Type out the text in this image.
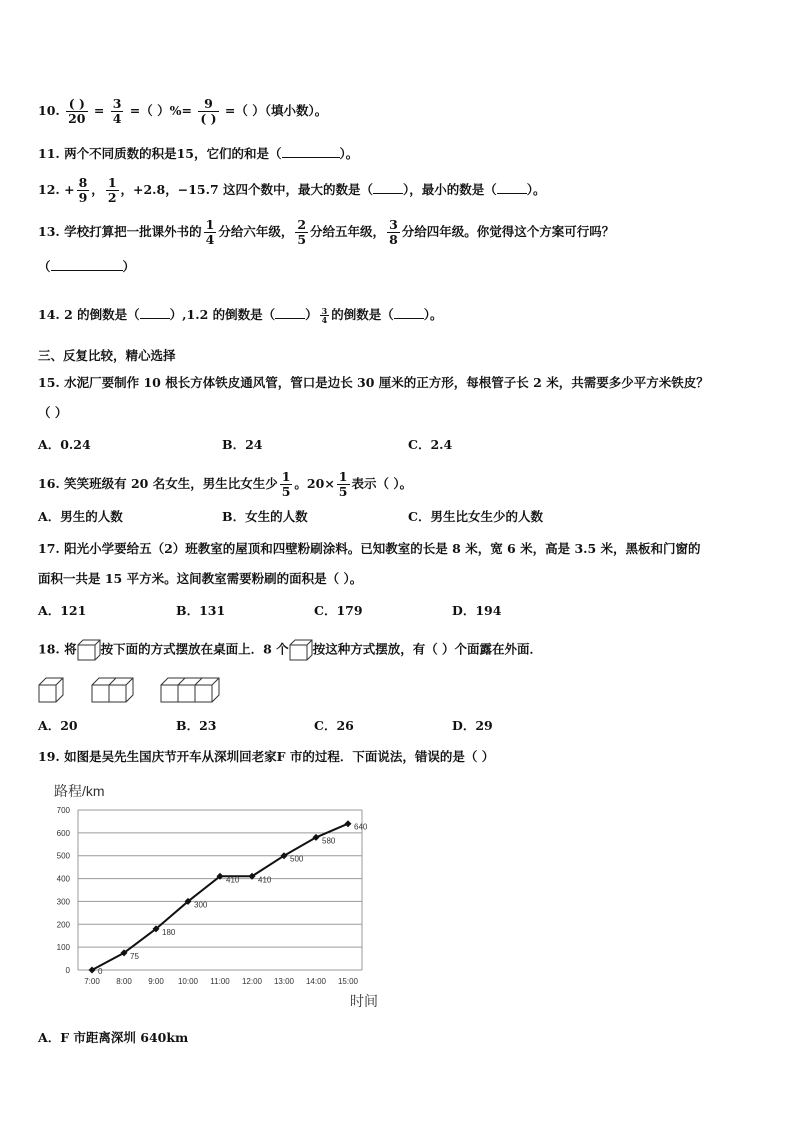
10. $\frac{( )}{20} = \frac{3}{4}$ =（ ）%= $\frac{9}{( )}$ =（ ）（填小数）。
11. 两个不同质数的积是15，它们的和是（	）。
12. + $\frac{8}{9}$ ， $\frac{1}{2}$ ，+2.8，−15.7 这四个数中，最大的数是（ ），最小的数是（ ）。
13. 学校打算把一批课外书的 $\frac{1}{4}$ 分给六年级， $\frac{2}{5}$ 分给五年级， $\frac{3}{8}$ 分给四年级。你觉得这个方案可行吗？
（	）
14. 2 的倒数是（ ）,1.2 的倒数是（ ） $\frac{3}{4}$ 的倒数是（ ）。
三、反复比较，精心选择
15. 水泥厂要制作 10 根长方体铁皮通风管，管口是边长 30 厘米的正方形，每根管子长 2 米，共需要多少平方米铁皮？
（ ）
A．0.24	B．24	C．2.4
16. 笑笑班级有 20 名女生，男生比女生少 $\frac{1}{5}$ 。$20\times \frac{1}{5}$ 表示（ ）。
A．男生的人数	B．女生的人数	C．男生比女生少的人数
17. 阳光小学要给五（2）班教室的屋顶和四壁粉刷涂料。已知教室的长是 8 米，宽 6 米，高是 3.5 米，黑板和门窗的
面积一共是 15 平方米。这间教室需要粉刷的面积是（ ）。
A．121	B．131	C．179	D．194
18. 将 按下面的方式摆放在桌面上．8 个 按这种方式摆放，有（ ）个面露在外面．
A．20	B．23	C．26	D．29
19. 如图是吴先生国庆节开车从深圳回老家F 市的过程．下面说法，错误的是（ ）
路程/km
时间
0
100
200
300
400
500
600
700
7:00 8:00 9:00 10:00 11:00 12:00 13:00 14:00 15:00
0
75
180
300
410 410
500
580
640
A．F 市距离深圳 640km
